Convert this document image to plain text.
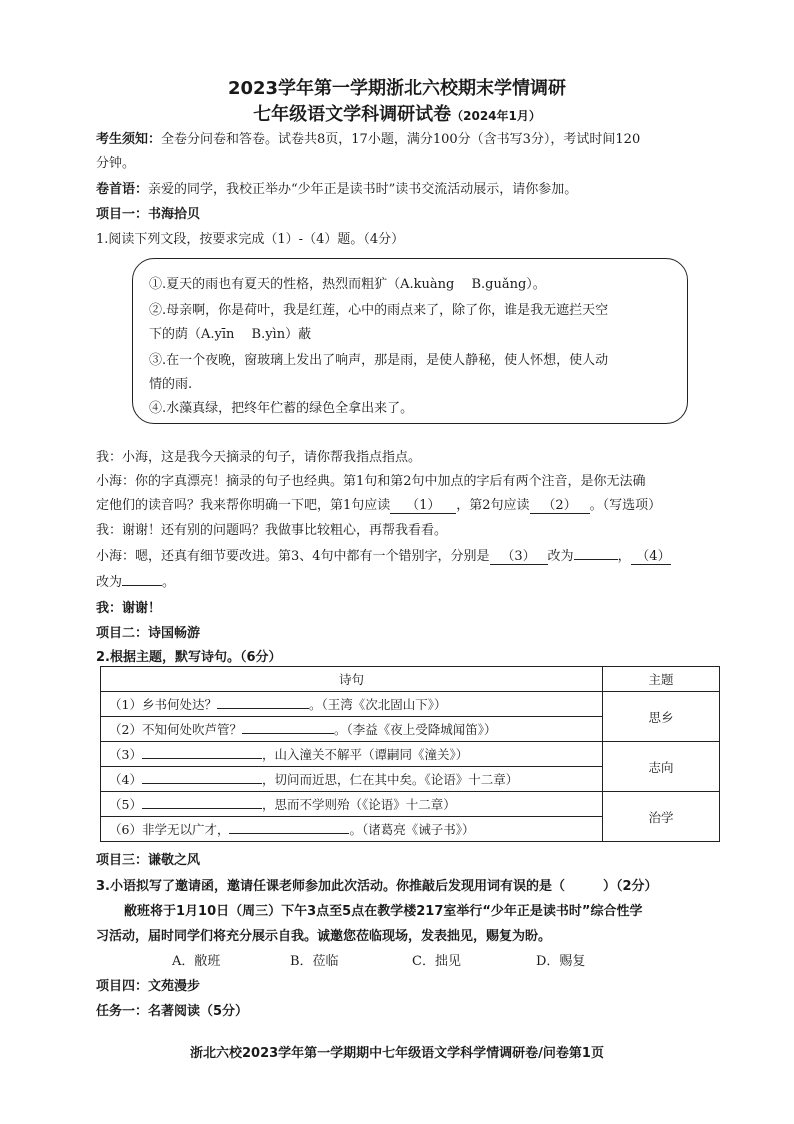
2023学年第一学期浙北六校期末学情调研
七年级语文学科调研试卷（2024年1月）
考生须知：全卷分问卷和答卷。试卷共8页，17小题，满分100分（含书写3分），考试时间120
分钟。
卷首语：亲爱的同学，我校正举办“少年正是读书时”读书交流活动展示，请你参加。
项目一：书海拾贝
1.阅读下列文段，按要求完成（1）-（4）题。（4分）
①.夏天的雨也有夏天的性格，热烈而粗犷（A.kuàng　 B.guǎng）。
②.母亲啊，你是荷叶，我是红莲，心中的雨点来了，除了你，谁是我无遮拦天空
下的荫（A.yīn　 B.yìn）蔽
③.在一个夜晚，窗玻璃上发出了响声，那是雨，是使人静秘，使人怀想，使人动
情的雨.
④.水藻真绿，把终年伫蓄的绿色全拿出来了。
我：小海，这是我今天摘录的句子，请你帮我指点指点。
小海：你的字真漂亮！摘录的句子也经典。第1句和第2句中加点的字后有两个注音，是你无法确
定他们的读音吗？我来帮你明确一下吧，第1句应读 （1） ，第2句应读 （2） 。（写选项）
我：谢谢！还有别的问题吗？我做事比较粗心，再帮我看看。
小海：嗯，还真有细节要改进。第3、4句中都有一个错别字，分别是 （3） 改为	， （4）
改为	。
我：谢谢！
项目二：诗国畅游
2.根据主题，默写诗句。（6分）
诗句	主题
（1）乡书何处达？ 。（王湾《次北固山下》）	思乡
（2）不知何处吹芦管？ 。（李益《夜上受降城闻笛》）	
（3） ，山入潼关不解平（谭嗣同《潼关》）	志向
（4） ，切问而近思，仁在其中矣。《论语》十二章）	
（5） ，思而不学则殆（《论语》十二章）	治学
（6）非学无以广才， 。（诸葛亮《诫子书》）	
项目三：谦敬之风
3.小语拟写了邀请函，邀请任课老师参加此次活动。你推敲后发现用词有误的是（	）（2分）
敝班将于1月10日（周三）下午3点至5点在教学楼217室举行“少年正是读书时”综合性学
习活动，届时同学们将充分展示自我。诚邀您莅临现场，发表拙见，赐复为盼。
A．敝班	B．莅临	C．拙见	D．赐复
项目四：文苑漫步
任务一：名著阅读（5分）
浙北六校2023学年第一学期期中七年级语文学科学情调研卷/问卷第1页
